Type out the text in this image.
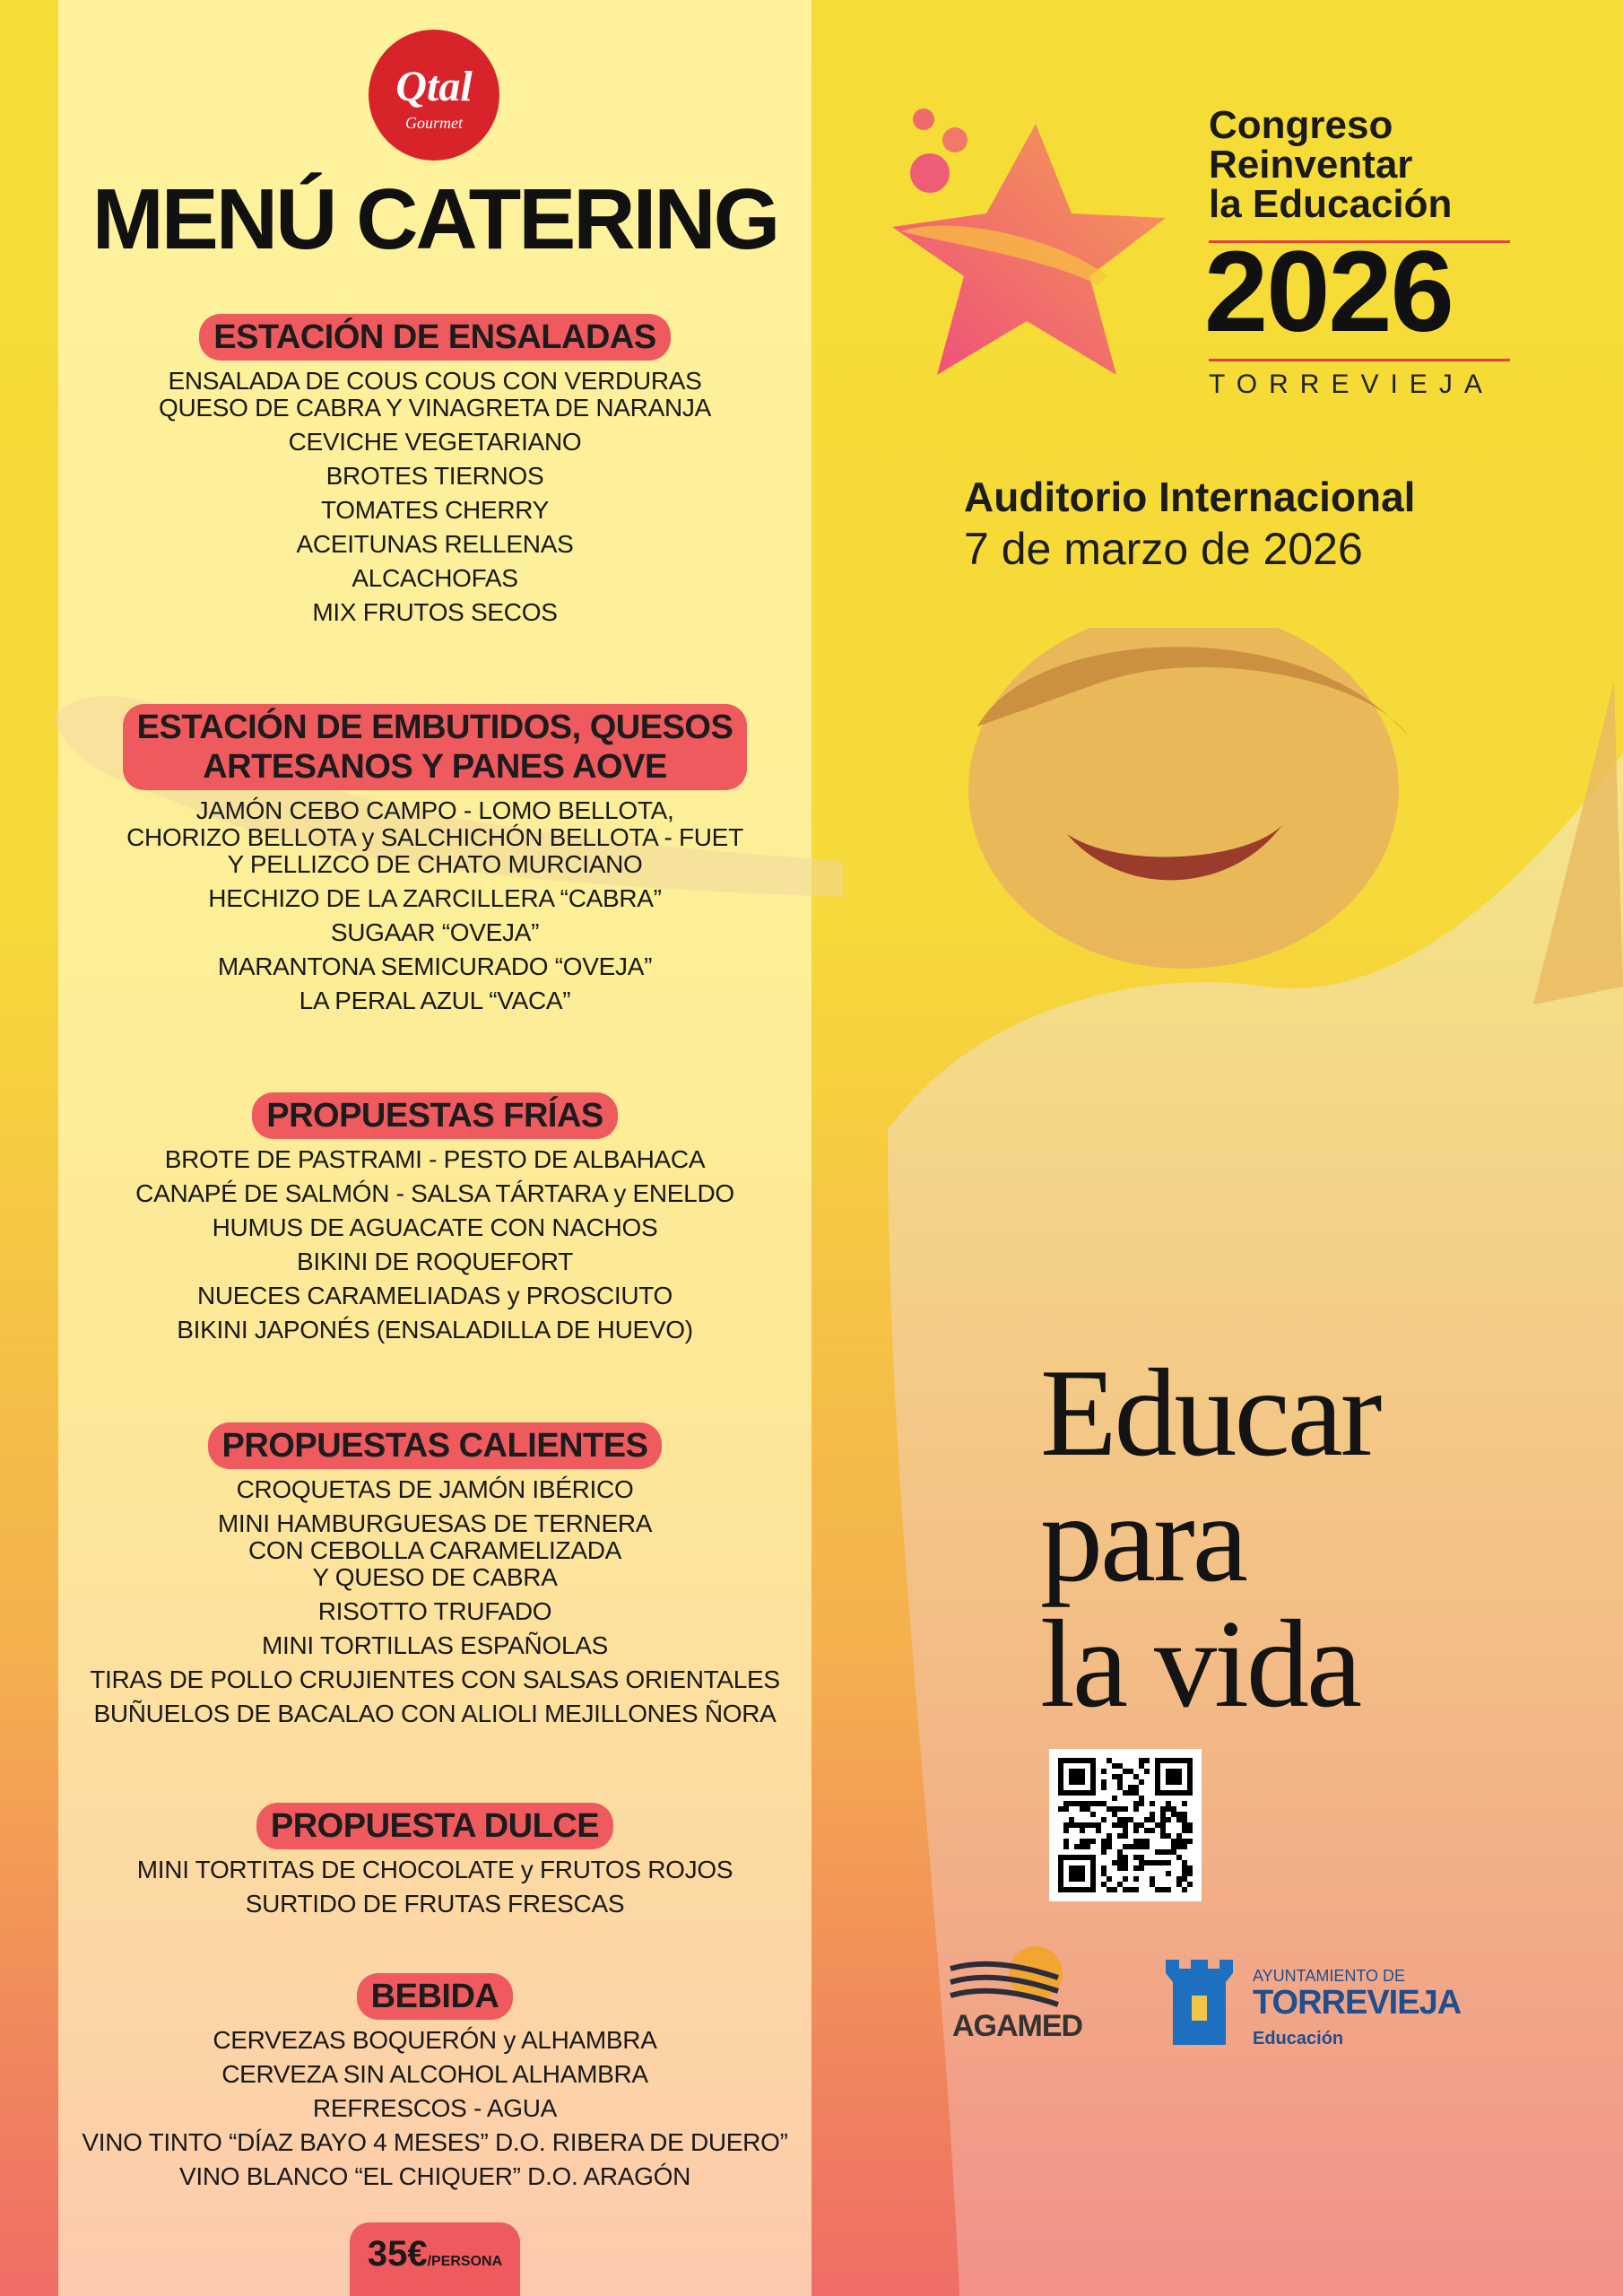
Qtal
Gourmet
MENÚ CATERING
ESTACIÓN DE ENSALADAS
ENSALADA DE COUS COUS CON VERDURAS
QUESO DE CABRA Y VINAGRETA DE NARANJA
CEVICHE VEGETARIANO
BROTES TIERNOS
TOMATES CHERRY
ACEITUNAS RELLENAS
ALCACHOFAS
MIX FRUTOS SECOS
ESTACIÓN DE EMBUTIDOS, QUESOS
ARTESANOS Y PANES AOVE
JAMÓN CEBO CAMPO - LOMO BELLOTA,
CHORIZO BELLOTA y SALCHICHÓN BELLOTA - FUET
Y PELLIZCO DE CHATO MURCIANO
HECHIZO DE LA ZARCILLERA “CABRA”
SUGAAR “OVEJA”
MARANTONA SEMICURADO “OVEJA”
LA PERAL AZUL “VACA”
PROPUESTAS FRÍAS
BROTE DE PASTRAMI - PESTO DE ALBAHACA
CANAPÉ DE SALMÓN - SALSA TÁRTARA y ENELDO
HUMUS DE AGUACATE CON NACHOS
BIKINI DE ROQUEFORT
NUECES CARAMELIADAS y PROSCIUTO
BIKINI JAPONÉS (ENSALADILLA DE HUEVO)
PROPUESTAS CALIENTES
CROQUETAS DE JAMÓN IBÉRICO
MINI HAMBURGUESAS DE TERNERA
CON CEBOLLA CARAMELIZADA
Y QUESO DE CABRA
RISOTTO TRUFADO
MINI TORTILLAS ESPAÑOLAS
TIRAS DE POLLO CRUJIENTES CON SALSAS ORIENTALES
BUÑUELOS DE BACALAO CON ALIOLI MEJILLONES ÑORA
PROPUESTA DULCE
MINI TORTITAS DE CHOCOLATE y FRUTOS ROJOS
SURTIDO DE FRUTAS FRESCAS
BEBIDA
CERVEZAS BOQUERÓN y ALHAMBRA
CERVEZA SIN ALCOHOL ALHAMBRA
REFRESCOS - AGUA
VINO TINTO “DÍAZ BAYO 4 MESES” D.O. RIBERA DE DUERO”
VINO BLANCO “EL CHIQUER” D.O. ARAGÓN
35€/PERSONA
Congreso
Reinventar
la Educación
2026
TORREVIEJA
Auditorio Internacional
7 de marzo de 2026
Educar
para
la vida
AGAMED
AYUNTAMIENTO DE
TORREVIEJA
Educación
